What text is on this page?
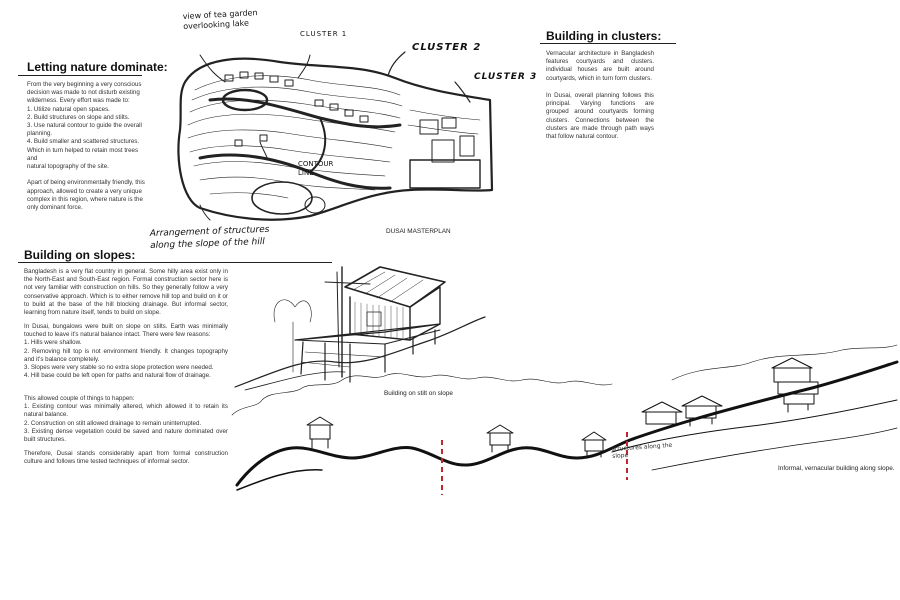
Letting nature dominate:
From the very beginning a very conscious
decision was made to not disturb existing
wilderness. Every effort was made to:
1. Utilize natural open spaces.
2. Build structures on slope and stilts.
3. Use natural contour to guide the overall
planning.
4. Build smaller and scattered structures.
Which in turn helped to retain most trees and
natural topography of the site.

Apart of being environmentally friendly, this
approach, allowed to create a very unique
complex in this region, where nature is the
only dominant force.
Building on slopes:
Bangladesh is a very flat country in general. Some hilly area exist only in the North-East and South-East region. Formal construction sector here is not very familiar with construction on hills. So they generally follow a very conservative approach. Which is to either remove hill top and build on it or to build at the base of the hill blocking drainage. But informal sector, learning from nature itself, tends to build on slope.
In Dusai, bungalows were built on slope on stilts. Earth was minimally touched to leave it's natural balance intact. There were few reasons:
1. Hills were shallow.
2. Removing hill top is not environment friendly. It changes topography and it's balance completely.
3. Slopes were very stable so no extra slope protection were needed.
4. Hill base could be left open for paths and natural flow of drainage.
This allowed couple of things to happen:
1. Existing contour was minimally altered, which allowed it to retain its natural balance.
2. Construction on stilt allowed drainage to remain uninterrupted.
3. Existing dense vegetation could be saved and nature dominated over built structures.
Therefore, Dusai stands considerably apart from formal construction culture and follows time tested techniques of informal sector.
Building in clusters:
Vernacular architecture in Bangladesh features courtyards and clusters. individual houses are built around courtyards, which in turn form clusters.
In Dusai, overall planning follows this principal. Varying functions are grouped around courtyards forming clusters. Connections between the clusters are made through path ways that follow natural contour.
view of tea garden
overlooking lake
CLUSTER 1
CLUSTER 2
CLUSTER 3
CONTOUR
LINE
Arrangement of structures
along the slope of the hill
DUSAI MASTERPLAN
Building on stilt on slope
structures along the
slope
Informal, vernacular building along slope.
